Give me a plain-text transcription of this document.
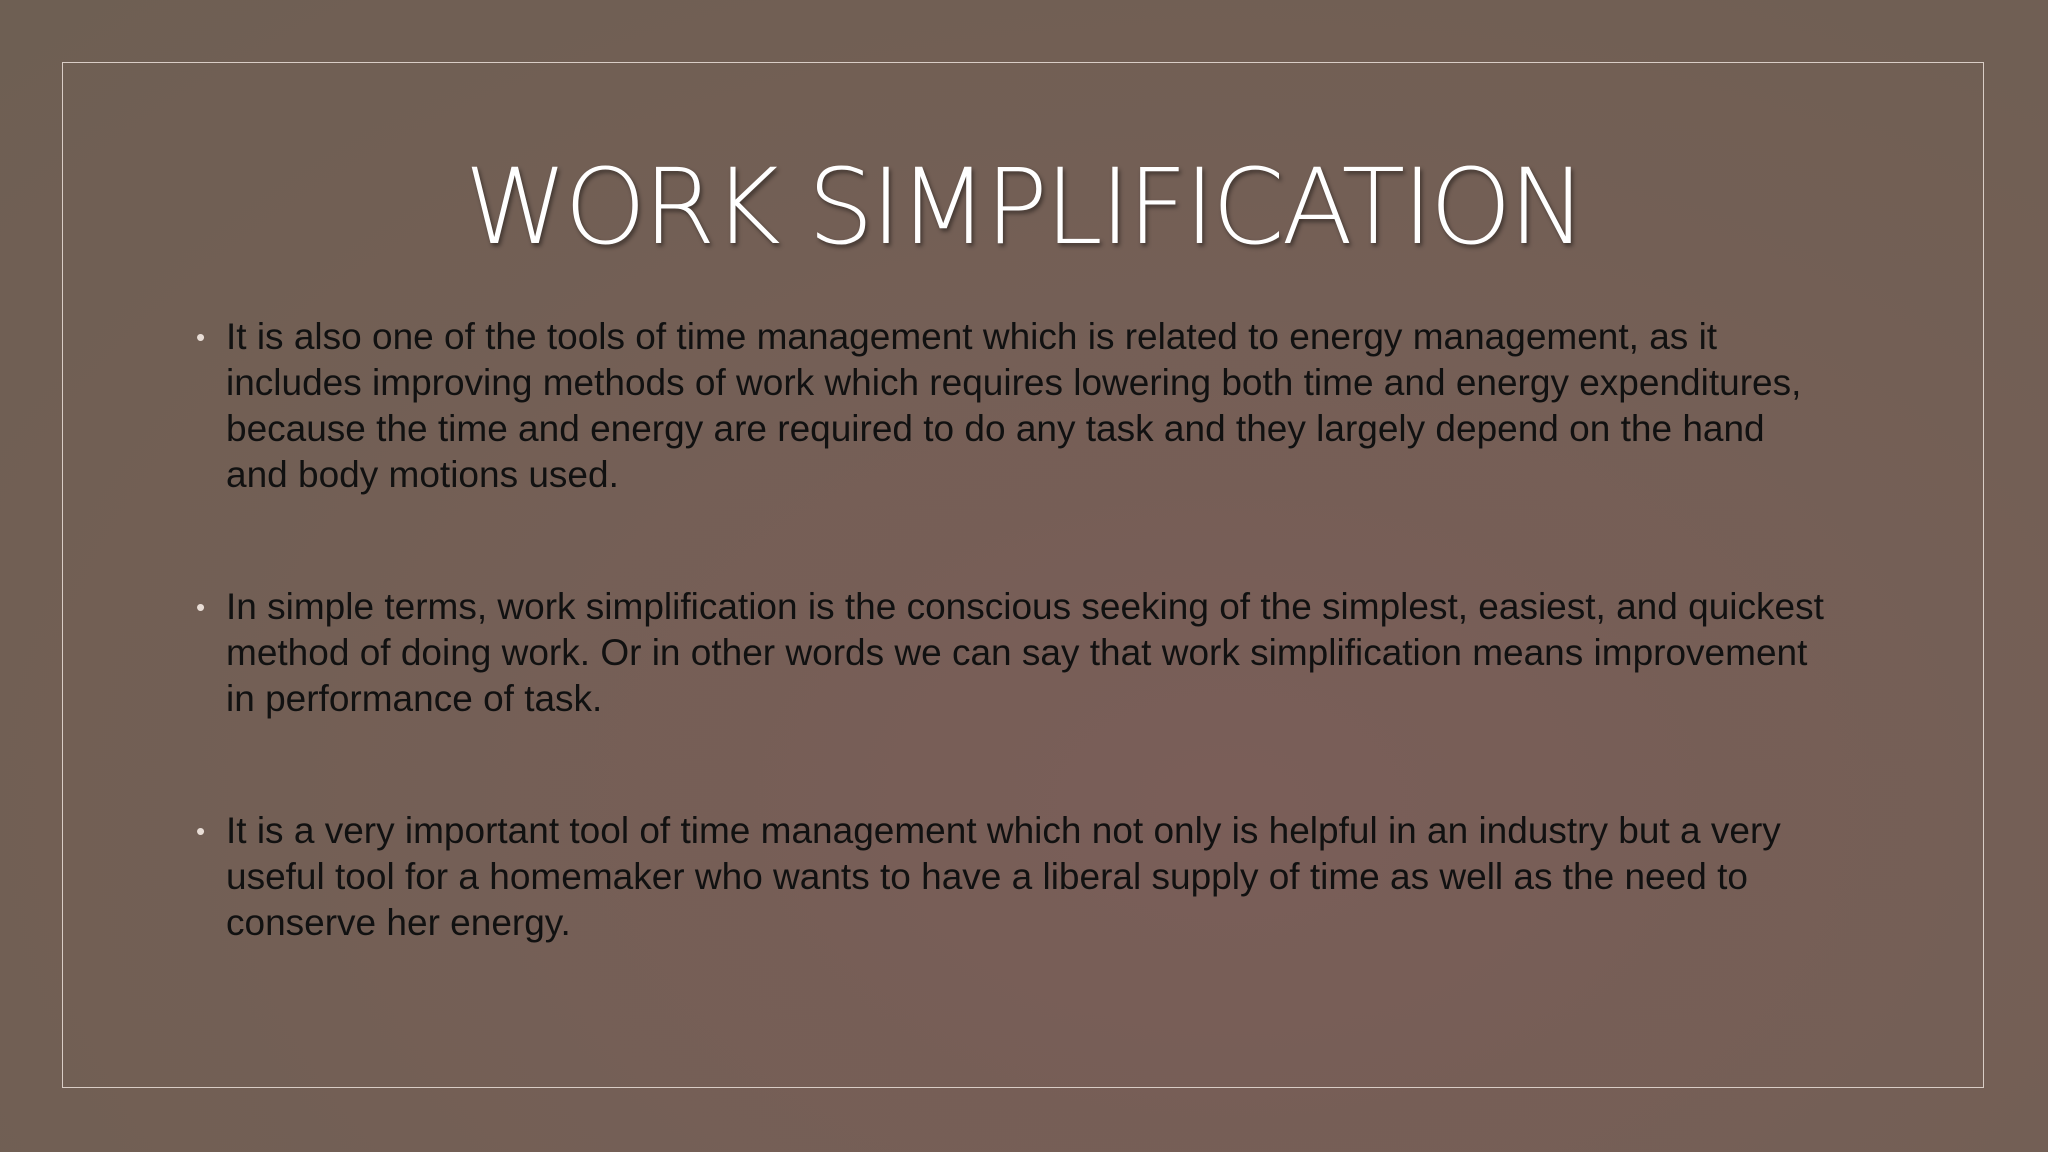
WORK SIMPLIFICATION
• It is also one of the tools of time management which is related to energy management, as it includes improving methods of work which requires lowering both time and energy expenditures, because the time and energy are required to do any task and they largely depend on the hand and body motions used.
• In simple terms, work simplification is the conscious seeking of the simplest, easiest, and quickest method of doing work. Or in other words we can say that work simplification means improvement in performance of task.
• It is a very important tool of time management which not only is helpful in an industry but a very useful tool for a homemaker who wants to have a liberal supply of time as well as the need to conserve her energy.
